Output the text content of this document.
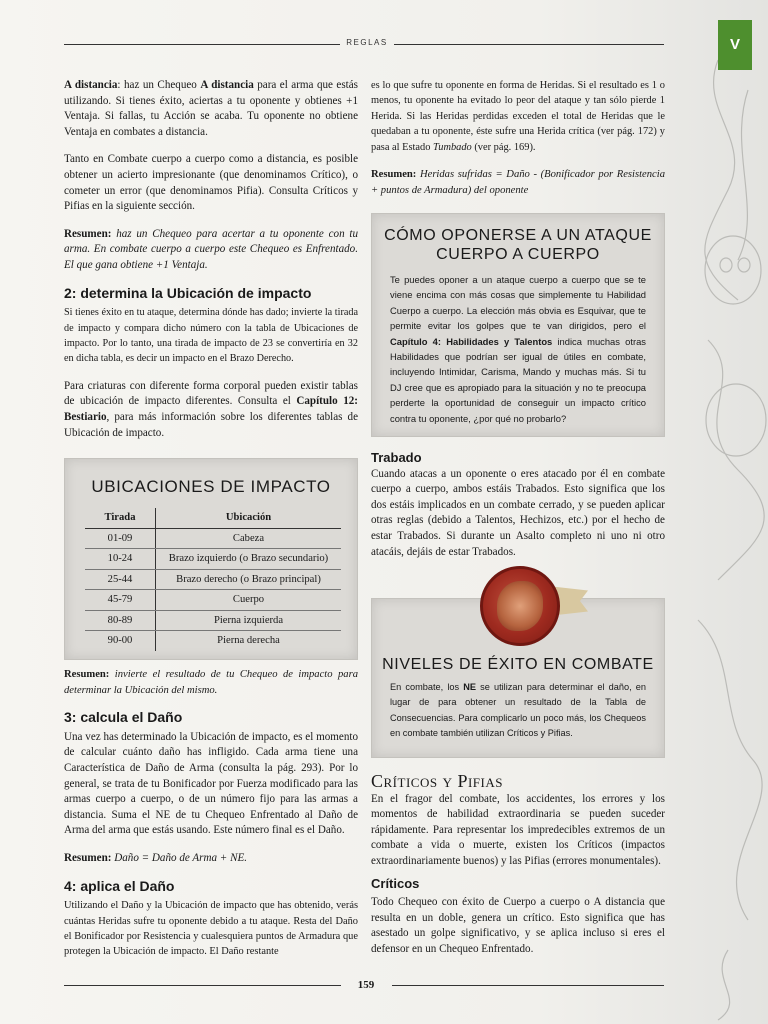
REGLAS	V

A distancia: haz un Chequeo A distancia para el arma que estás utilizando. Si tienes éxito, aciertas a tu oponente y obtienes +1 Ventaja. Si fallas, tu Acción se acaba. Tu oponente no obtiene Ventaja en combates a distancia.

Tanto en Combate cuerpo a cuerpo como a distancia, es posible obtener un acierto impresionante (que denominamos Crítico), o cometer un error (que denominamos Pifia). Consulta Críticos y Pifias en la siguiente sección.

Resumen: haz un Chequeo para acertar a tu oponente con tu arma. En combate cuerpo a cuerpo este Chequeo es Enfrentado. El que gana obtiene +1 Ventaja.

2: determina la Ubicación de impacto

Si tienes éxito en tu ataque, determina dónde has dado; invierte la tirada de impacto y compara dicho número con la tabla de Ubicaciones de impacto. Por lo tanto, una tirada de impacto de 23 se convertiría en 32 en dicha tabla, es decir un impacto en el Brazo Derecho.

Para criaturas con diferente forma corporal pueden existir tablas de ubicación de impacto diferentes. Consulta el Capítulo 12: Bestiario, para más información sobre los diferentes tablas de Ubicación de impacto.

UBICACIONES DE IMPACTO
Tirada	Ubicación
01-09	Cabeza
10-24	Brazo izquierdo (o Brazo secundario)
25-44	Brazo derecho (o Brazo principal)
45-79	Cuerpo
80-89	Pierna izquierda
90-00	Pierna derecha

Resumen: invierte el resultado de tu Chequeo de impacto para determinar la Ubicación del mismo.

3: calcula el Daño

Una vez has determinado la Ubicación de impacto, es el momento de calcular cuánto daño has infligido. Cada arma tiene una Característica de Daño de Arma (consulta la pág. 293). Por lo general, se trata de tu Bonificador por Fuerza modificado para las armas cuerpo a cuerpo, o de un número fijo para las armas a distancia. Suma el NE de tu Chequeo Enfrentado al Daño de Arma del arma que estás usando. Este número final es el Daño.

Resumen: Daño = Daño de Arma + NE.

4: aplica el Daño

Utilizando el Daño y la Ubicación de impacto que has obtenido, verás cuántas Heridas sufre tu oponente debido a tu ataque. Resta del Daño el Bonificador por Resistencia y cualesquiera puntos de Armadura que protegen la Ubicación de impacto. El Daño restante

es lo que sufre tu oponente en forma de Heridas. Si el resultado es 1 o menos, tu oponente ha evitado lo peor del ataque y tan sólo pierde 1 Herida. Si las Heridas perdidas exceden el total de Heridas que le quedaban a tu oponente, éste sufre una Herida crítica (ver pág. 172) y pasa al Estado Tumbado (ver pág. 169).

Resumen: Heridas sufridas = Daño - (Bonificador por Resistencia + puntos de Armadura) del oponente

CÓMO OPONERSE A UN ATAQUE
CUERPO A CUERPO
Te puedes oponer a un ataque cuerpo a cuerpo que se te viene encima con más cosas que simplemente tu Habilidad Cuerpo a cuerpo. La elección más obvia es Esquivar, que te permite evitar los golpes que te van dirigidos, pero el Capítulo 4: Habilidades y Talentos indica muchas otras Habilidades que podrían ser igual de útiles en combate, incluyendo Intimidar, Carisma, Mando y muchas más. Si tu DJ cree que es apropiado para la situación y no te preocupa perderte la oportunidad de conseguir un impacto crítico contra tu oponente, ¿por qué no probarlo?
Trabado

Cuando atacas a un oponente o eres atacado por él en combate cuerpo a cuerpo, ambos estáis Trabados. Esto significa que los dos estáis implicados en un combate cerrado, y se pueden aplicar otras reglas (debido a Talentos, Hechizos, etc.) por el hecho de estar Trabados. Si durante un Asalto completo ni uno ni otro atacáis, dejáis de estar Trabados.

NIVELES DE ÉXITO EN COMBATE
En combate, los NE se utilizan para determinar el daño, en lugar de para obtener un resultado de la Tabla de Consecuencias. Para complicarlo un poco más, los Chequeos en combate también utilizan Críticos y Pifias.
Críticos y Pifias

En el fragor del combate, los accidentes, los errores y los momentos de habilidad extraordinaria se pueden suceder rápidamente. Para representar los impredecibles extremos de un combate a vida o muerte, existen los Críticos (impactos extraordinariamente buenos) y las Pifias (errores monumentales).

Críticos

Todo Chequeo con éxito de Cuerpo a cuerpo o A distancia que resulta en un doble, genera un crítico. Esto significa que has asestado un golpe significativo, y se aplica incluso si eres el defensor en un Chequeo Enfrentado.

159
